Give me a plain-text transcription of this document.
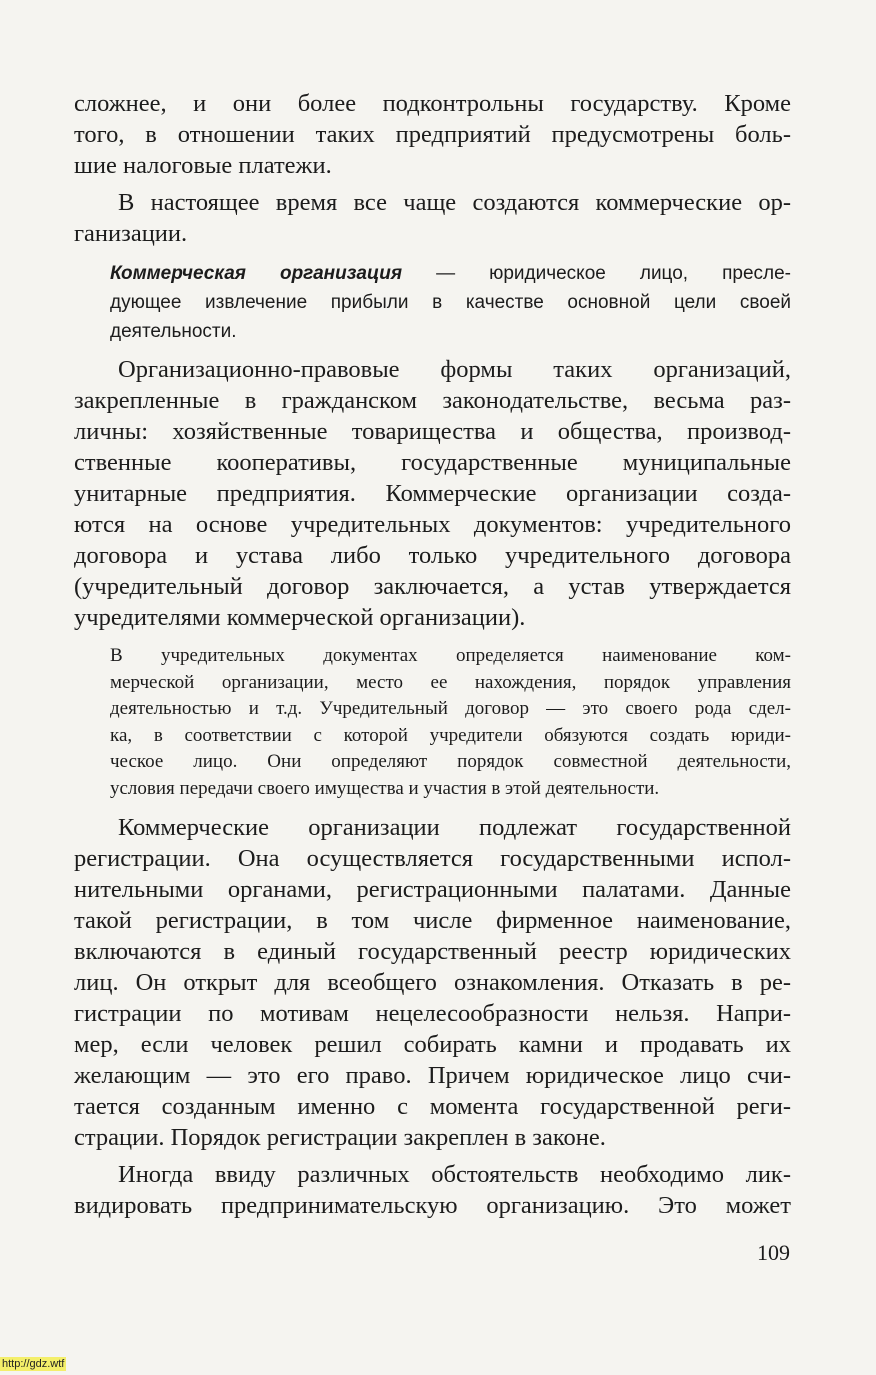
сложнее, и они более подконтрольны государству. Кроме
того, в отношении таких предприятий предусмотрены боль-
шие налоговые платежи.
В настоящее время все чаще создаются коммерческие ор-
ганизации.
Коммерческая организация — юридическое лицо, пресле-
дующее извлечение прибыли в качестве основной цели своей
деятельности.
Организационно-правовые формы таких организаций,
закрепленные в гражданском законодательстве, весьма раз-
личны: хозяйственные товарищества и общества, производ-
ственные кооперативы, государственные муниципальные
унитарные предприятия. Коммерческие организации созда-
ются на основе учредительных документов: учредительного
договора и устава либо только учредительного договора
(учредительный договор заключается, а устав утверждается
учредителями коммерческой организации).
В учредительных документах определяется наименование ком-
мерческой организации, место ее нахождения, порядок управления
деятельностью и т.д. Учредительный договор — это своего рода сдел-
ка, в соответствии с которой учредители обязуются создать юриди-
ческое лицо. Они определяют порядок совместной деятельности,
условия передачи своего имущества и участия в этой деятельности.
Коммерческие организации подлежат государственной
регистрации. Она осуществляется государственными испол-
нительными органами, регистрационными палатами. Данные
такой регистрации, в том числе фирменное наименование,
включаются в единый государственный реестр юридических
лиц. Он открыт для всеобщего ознакомления. Отказать в ре-
гистрации по мотивам нецелесообразности нельзя. Напри-
мер, если человек решил собирать камни и продавать их
желающим — это его право. Причем юридическое лицо счи-
тается созданным именно с момента государственной реги-
страции. Порядок регистрации закреплен в законе.
Иногда ввиду различных обстоятельств необходимо лик-
видировать предпринимательскую организацию. Это может
109
http://gdz.wtf
